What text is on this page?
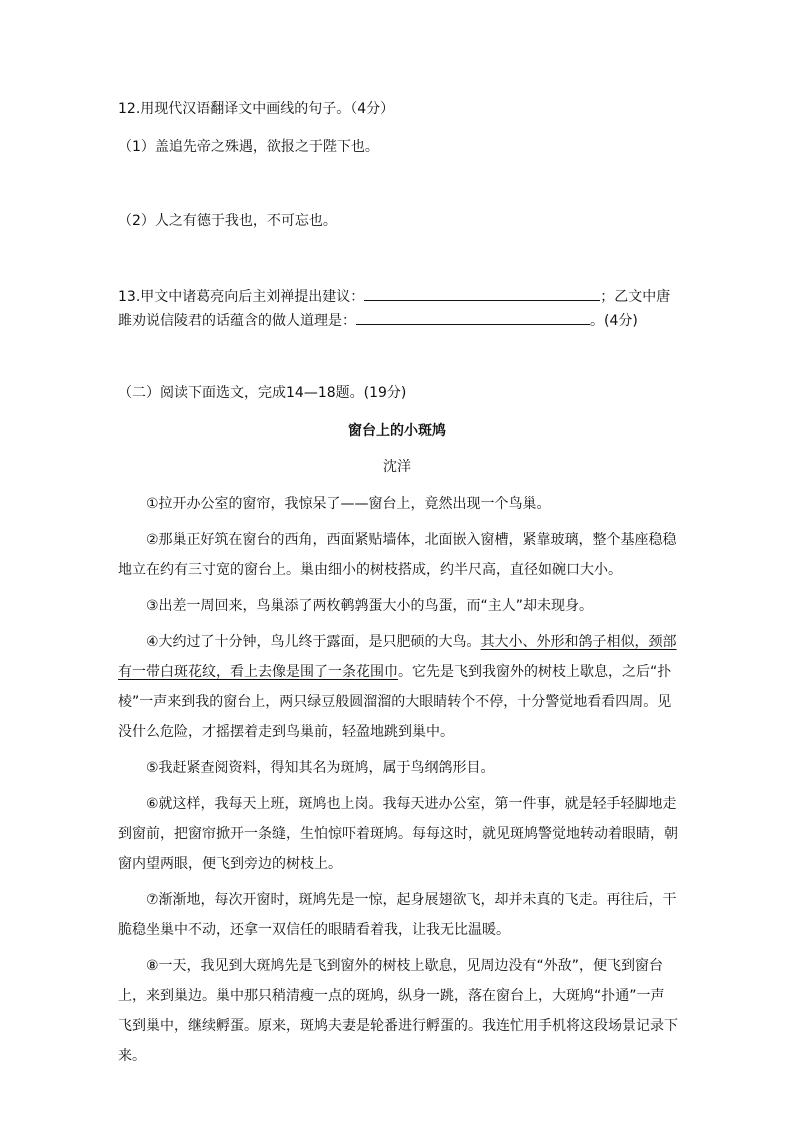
12.用现代汉语翻译文中画线的句子。（4分）
（1）盖追先帝之殊遇，欲报之于陛下也。
（2）人之有德于我也，不可忘也。
13.甲文中诸葛亮向后主刘禅提出建议：	；乙文中唐
雎劝说信陵君的话蕴含的做人道理是：	。(4分)
（二）阅读下面选文，完成14—18题。(19分)
窗台上的小斑鸠
沈洋

①拉开办公室的窗帘，我惊呆了——窗台上，竟然出现一个鸟巢。

②那巢正好筑在窗台的西角，西面紧贴墙体，北面嵌入窗槽，紧靠玻璃，整个基座稳稳地立在约有三寸宽的窗台上。巢由细小的树枝搭成，约半尺高，直径如碗口大小。

③出差一周回来，鸟巢添了两枚鹌鹑蛋大小的鸟蛋，而“主人”却未现身。

④大约过了十分钟，鸟儿终于露面，是只肥硕的大鸟。其大小、外形和鸽子相似，颈部有一带白斑花纹，看上去像是围了一条花围巾。它先是飞到我窗外的树枝上歇息，之后“扑棱”一声来到我的窗台上，两只绿豆般圆溜溜的大眼睛转个不停，十分警觉地看看四周。见没什么危险，才摇摆着走到鸟巢前，轻盈地跳到巢中。

⑤我赶紧查阅资料，得知其名为斑鸠，属于鸟纲鸽形目。

⑥就这样，我每天上班，斑鸠也上岗。我每天进办公室，第一件事，就是轻手轻脚地走到窗前，把窗帘掀开一条缝，生怕惊吓着斑鸠。每每这时，就见斑鸠警觉地转动着眼睛，朝窗内望两眼，便飞到旁边的树枝上。

⑦渐渐地，每次开窗时，斑鸠先是一惊，起身展翅欲飞，却并未真的飞走。再往后，干脆稳坐巢中不动，还拿一双信任的眼睛看着我，让我无比温暖。

⑧一天，我见到大斑鸠先是飞到窗外的树枝上歇息，见周边没有“外敌”，便飞到窗台上，来到巢边。巢中那只稍清瘦一点的斑鸠，纵身一跳，落在窗台上，大斑鸠“扑通”一声飞到巢中，继续孵蛋。原来，斑鸠夫妻是轮番进行孵蛋的。我连忙用手机将这段场景记录下来。
